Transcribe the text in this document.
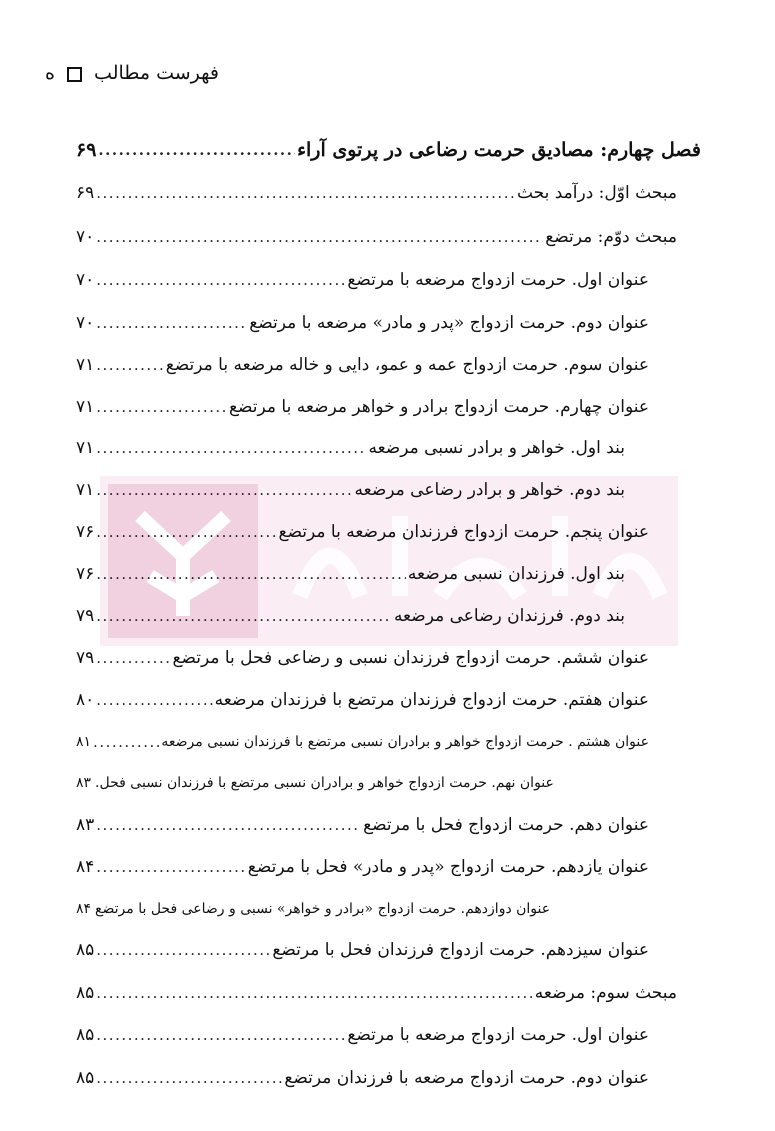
فهرست مطالب  ه
۶۹ .....	فصل چهارم: مصادیق حرمت رضاعی در پرتوی آراء
۶۹ .....	مبحث اوّل: درآمد بحث
۷۰ .....	مبحث دوّم: مرتضع
۷۰ .....	عنوان اول. حرمت ازدواج مرضعه با مرتضع
۷۰ .....	عنوان دوم. حرمت ازدواج «پدر و مادر» مرضعه با مرتضع
۷۱ .....	عنوان سوم. حرمت ازدواج عمه و عمو، دایی و خاله مرضعه با مرتضع
۷۱ .....	عنوان چهارم. حرمت ازدواج برادر و خواهر مرضعه با مرتضع
۷۱ .....	بند اول. خواهر و برادر نسبی مرضعه
۷۱ .....	بند دوم. خواهر و برادر رضاعی مرضعه
۷۶ .....	عنوان پنجم. حرمت ازدواج فرزندان مرضعه با مرتضع
۷۶ .....	بند اول. فرزندان نسبی مرضعه
۷۹ .....	بند دوم. فرزندان رضاعی مرضعه
۷۹ .....	عنوان ششم. حرمت ازدواج فرزندان نسبی و رضاعی فحل با مرتضع
۸۰ .....	عنوان هفتم. حرمت ازدواج فرزندان مرتضع با فرزندان مرضعه
۸۱ .....	عنوان هشتم . حرمت ازدواج خواهر و برادران نسبی مرتضع با فرزندان نسبی مرضعه
۸۳ عنوان نهم. حرمت ازدواج خواهر و برادران نسبی مرتضع با فرزندان نسبی فحل.
۸۳ .....	عنوان دهم. حرمت ازدواج فحل با مرتضع
۸۴ .....	عنوان یازدهم. حرمت ازدواج «پدر و مادر» فحل با مرتضع
۸۴ عنوان دوازدهم. حرمت ازدواج «برادر و خواهر» نسبی و رضاعی فحل با مرتضع
۸۵ .....	عنوان سیزدهم. حرمت ازدواج فرزندان فحل با مرتضع
۸۵ .....	مبحث سوم: مرضعه
۸۵ .....	عنوان اول. حرمت ازدواج مرضعه با مرتضع
۸۵ .....	عنوان دوم. حرمت ازدواج مرضعه با فرزندان مرتضع
